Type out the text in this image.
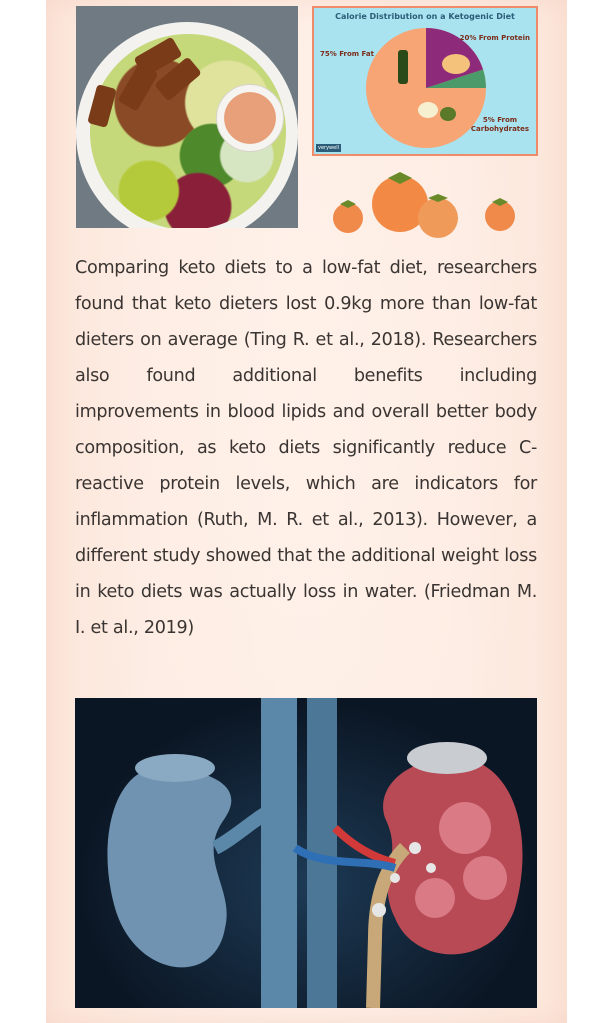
Calorie Distribution on a Ketogenic Diet
75% From Fat
20% From Protein
5% From Carbohydrates
verywell

Comparing keto diets to a low-fat diet, researchers found that keto dieters lost 0.9kg more than low-fat dieters on average (Ting R. et al., 2018). Researchers also found additional benefits including improvements in blood lipids and overall better body composition, as keto diets significantly reduce C-reactive protein levels, which are indicators for inflammation (Ruth, M. R. et al., 2013). However, a different study showed that the additional weight loss in keto diets was actually loss in water. (Friedman M. I. et al., 2019)
